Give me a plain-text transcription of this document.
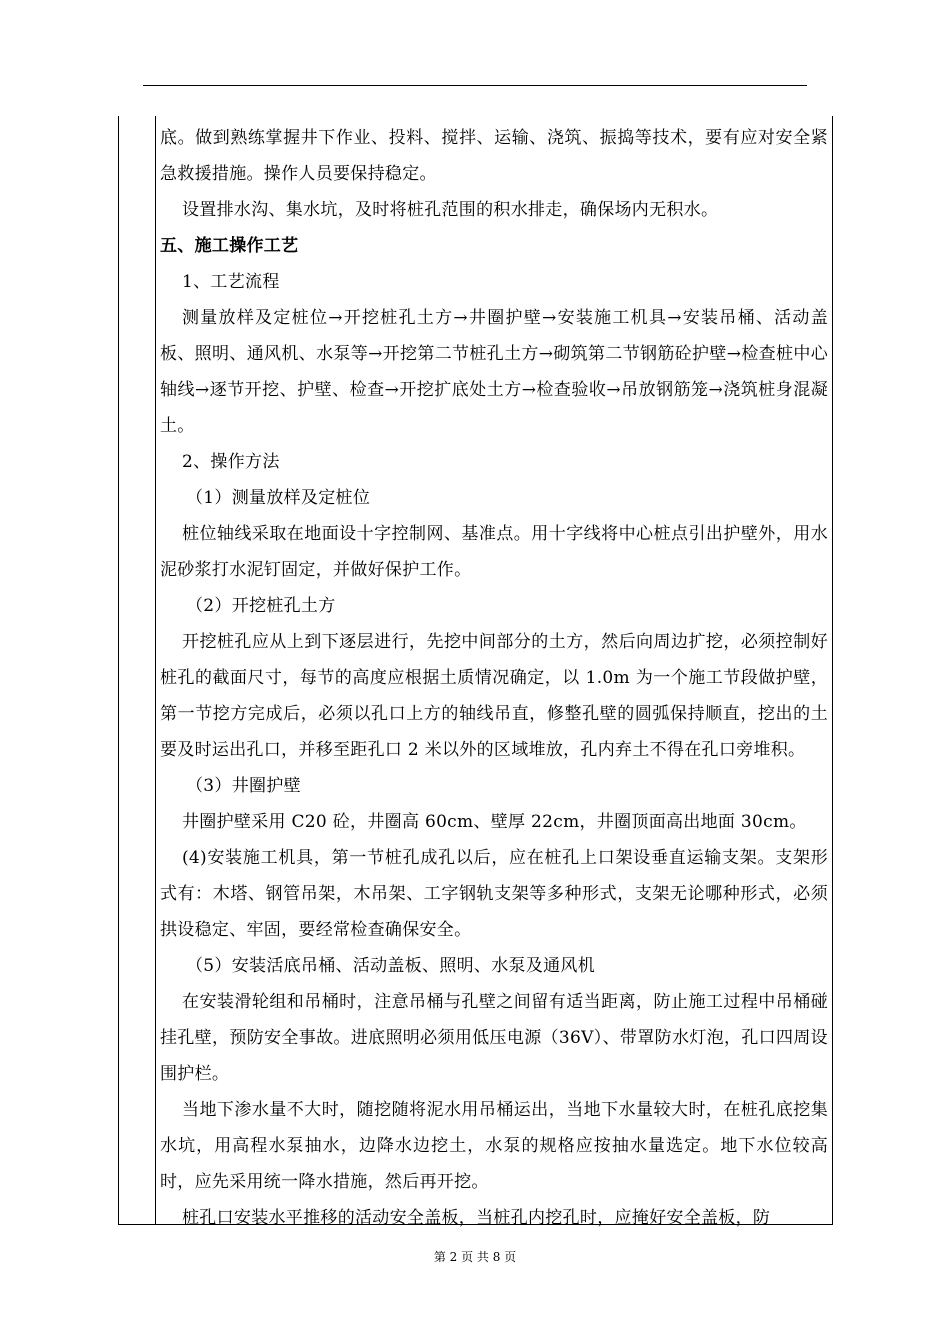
底。做到熟练掌握井下作业、投料、搅拌、运输、浇筑、振捣等技术，要有应对安全紧急救援措施。操作人员要保持稳定。

设置排水沟、集水坑，及时将桩孔范围的积水排走，确保场内无积水。

五、施工操作工艺

1、工艺流程

测量放样及定桩位→开挖桩孔土方→井圈护壁→安装施工机具→安装吊桶、活动盖板、照明、通风机、水泵等→开挖第二节桩孔土方→砌筑第二节钢筋砼护壁→检查桩中心轴线→逐节开挖、护壁、检查→开挖扩底处土方→检查验收→吊放钢筋笼→浇筑桩身混凝土。

2、操作方法

（1）测量放样及定桩位

桩位轴线采取在地面设十字控制网、基准点。用十字线将中心桩点引出护壁外，用水泥砂浆打水泥钉固定，并做好保护工作。

（2）开挖桩孔土方

开挖桩孔应从上到下逐层进行，先挖中间部分的土方，然后向周边扩挖，必须控制好桩孔的截面尺寸，每节的高度应根据土质情况确定，以 1.0m 为一个施工节段做护壁，第一节挖方完成后，必须以孔口上方的轴线吊直，修整孔壁的圆弧保持顺直，挖出的土要及时运出孔口，并移至距孔口 2 米以外的区域堆放，孔内弃土不得在孔口旁堆积。

（3）井圈护壁

井圈护壁采用 C20 砼，井圈高 60cm、壁厚 22cm，井圈顶面高出地面 30cm。

(4)安装施工机具，第一节桩孔成孔以后，应在桩孔上口架设垂直运输支架。支架形式有：木塔、钢管吊架，木吊架、工字钢轨支架等多种形式，支架无论哪种形式，必须拱设稳定、牢固，要经常检查确保安全。

（5）安装活底吊桶、活动盖板、照明、水泵及通风机

在安装滑轮组和吊桶时，注意吊桶与孔壁之间留有适当距离，防止施工过程中吊桶碰挂孔壁，预防安全事故。进底照明必须用低压电源（36V）、带罩防水灯泡，孔口四周设围护栏。

当地下渗水量不大时，随挖随将泥水用吊桶运出，当地下水量较大时，在桩孔底挖集水坑，用高程水泵抽水，边降水边挖土，水泵的规格应按抽水量选定。地下水位较高时，应先采用统一降水措施，然后再开挖。

桩孔口安装水平推移的活动安全盖板，当桩孔内挖孔时，应掩好安全盖板，防

第 2 页 共 8 页
